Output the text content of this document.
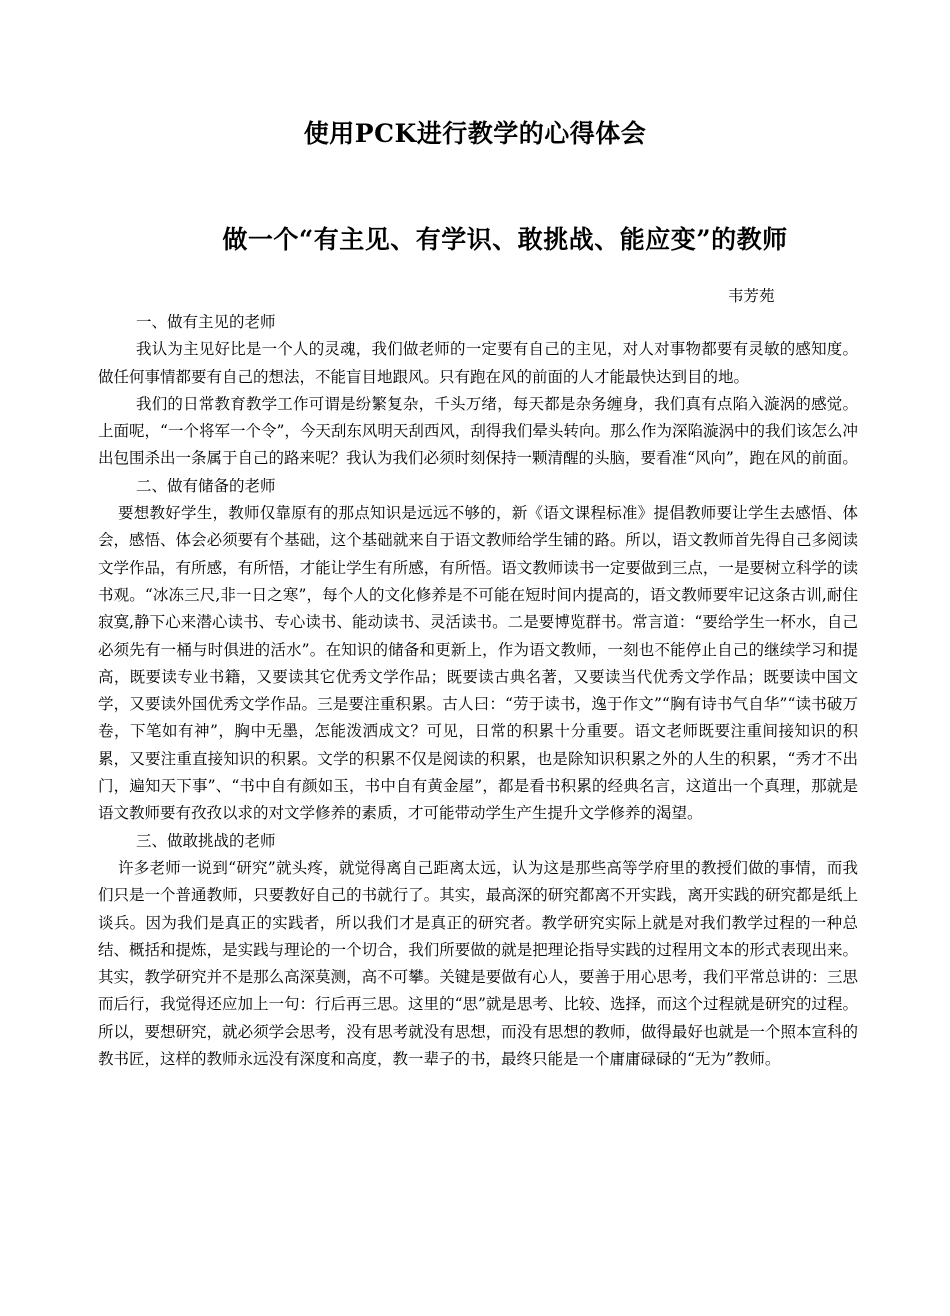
使用PCK进行教学的心得体会
做一个“有主见、有学识、敢挑战、能应变”的教师
韦芳苑

一、做有主见的老师

我认为主见好比是一个人的灵魂，我们做老师的一定要有自己的主见，对人对事物都要有灵敏的感知度。做任何事情都要有自己的想法，不能盲目地跟风。只有跑在风的前面的人才能最快达到目的地。

我们的日常教育教学工作可谓是纷繁复杂，千头万绪，每天都是杂务缠身，我们真有点陷入漩涡的感觉。上面呢，“一个将军一个令”，今天刮东风明天刮西风，刮得我们晕头转向。那么作为深陷漩涡中的我们该怎么冲出包围杀出一条属于自己的路来呢？我认为我们必须时刻保持一颗清醒的头脑，要看准“风向”，跑在风的前面。

二、做有储备的老师

要想教好学生，教师仅靠原有的那点知识是远远不够的，新《语文课程标准》提倡教师要让学生去感悟、体会，感悟、体会必须要有个基础，这个基础就来自于语文教师给学生铺的路。所以，语文教师首先得自己多阅读文学作品，有所感，有所悟，才能让学生有所感，有所悟。语文教师读书一定要做到三点，一是要树立科学的读书观。“冰冻三尺,非一日之寒”，每个人的文化修养是不可能在短时间内提高的，语文教师要牢记这条古训,耐住寂寞,静下心来潜心读书、专心读书、能动读书、灵活读书。二是要博览群书。常言道：“要给学生一杯水，自己必须先有一桶与时俱进的活水”。在知识的储备和更新上，作为语文教师，一刻也不能停止自己的继续学习和提高，既要读专业书籍，又要读其它优秀文学作品；既要读古典名著，又要读当代优秀文学作品；既要读中国文学，又要读外国优秀文学作品。三是要注重积累。古人曰：“劳于读书，逸于作文”“胸有诗书气自华”“读书破万卷，下笔如有神”，胸中无墨，怎能泼洒成文？可见，日常的积累十分重要。语文老师既要注重间接知识的积累，又要注重直接知识的积累。文学的积累不仅是阅读的积累，也是除知识积累之外的人生的积累，“秀才不出门，遍知天下事”、“书中自有颜如玉，书中自有黄金屋”，都是看书积累的经典名言，这道出一个真理，那就是语文教师要有孜孜以求的对文学修养的素质，才可能带动学生产生提升文学修养的渴望。

三、做敢挑战的老师

许多老师一说到“研究”就头疼，就觉得离自己距离太远，认为这是那些高等学府里的教授们做的事情，而我们只是一个普通教师，只要教好自己的书就行了。其实，最高深的研究都离不开实践，离开实践的研究都是纸上谈兵。因为我们是真正的实践者，所以我们才是真正的研究者。教学研究实际上就是对我们教学过程的一种总结、概括和提炼，是实践与理论的一个切合，我们所要做的就是把理论指导实践的过程用文本的形式表现出来。其实，教学研究并不是那么高深莫测，高不可攀。关键是要做有心人，要善于用心思考，我们平常总讲的：三思而后行，我觉得还应加上一句：行后再三思。这里的“思”就是思考、比较、选择，而这个过程就是研究的过程。所以，要想研究，就必须学会思考，没有思考就没有思想，而没有思想的教师，做得最好也就是一个照本宣科的教书匠，这样的教师永远没有深度和高度，教一辈子的书，最终只能是一个庸庸碌碌的“无为”教师。
